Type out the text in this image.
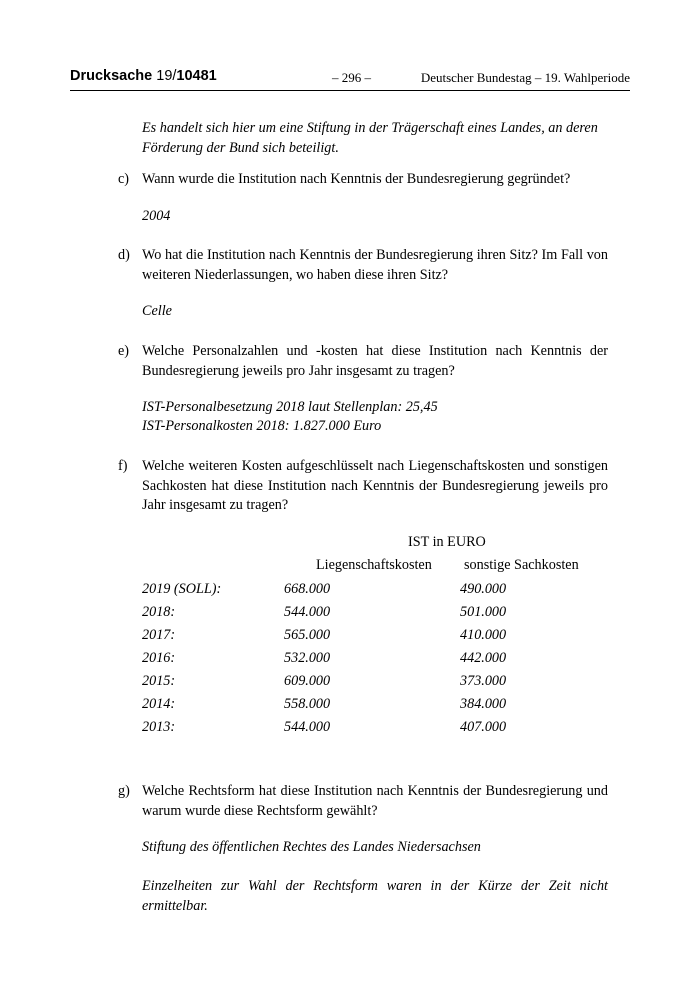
Drucksache 19/10481	– 296 –	Deutscher Bundestag – 19. Wahlperiode
Es handelt sich hier um eine Stiftung in der Trägerschaft eines Landes, an deren Förderung der Bund sich beteiligt.
c) Wann wurde die Institution nach Kenntnis der Bundesregierung gegründet?
2004
d) Wo hat die Institution nach Kenntnis der Bundesregierung ihren Sitz? Im Fall von weiteren Niederlassungen, wo haben diese ihren Sitz?
Celle
e) Welche Personalzahlen und -kosten hat diese Institution nach Kenntnis der Bundesregierung jeweils pro Jahr insgesamt zu tragen?
IST-Personalbesetzung 2018 laut Stellenplan: 25,45
IST-Personalkosten 2018: 1.827.000 Euro
f) Welche weiteren Kosten aufgeschlüsselt nach Liegenschaftskosten und sonstigen Sachkosten hat diese Institution nach Kenntnis der Bundesregierung jeweils pro Jahr insgesamt zu tragen?
IST in EURO
Liegenschaftskosten sonstige Sachkosten
2019 (SOLL):	668.000	490.000
2018:	544.000	501.000
2017:	565.000	410.000
2016:	532.000	442.000
2015:	609.000	373.000
2014:	558.000	384.000
2013:	544.000	407.000
g) Welche Rechtsform hat diese Institution nach Kenntnis der Bundesregierung und warum wurde diese Rechtsform gewählt?
Stiftung des öffentlichen Rechtes des Landes Niedersachsen
Einzelheiten zur Wahl der Rechtsform waren in der Kürze der Zeit nicht ermittelbar.
